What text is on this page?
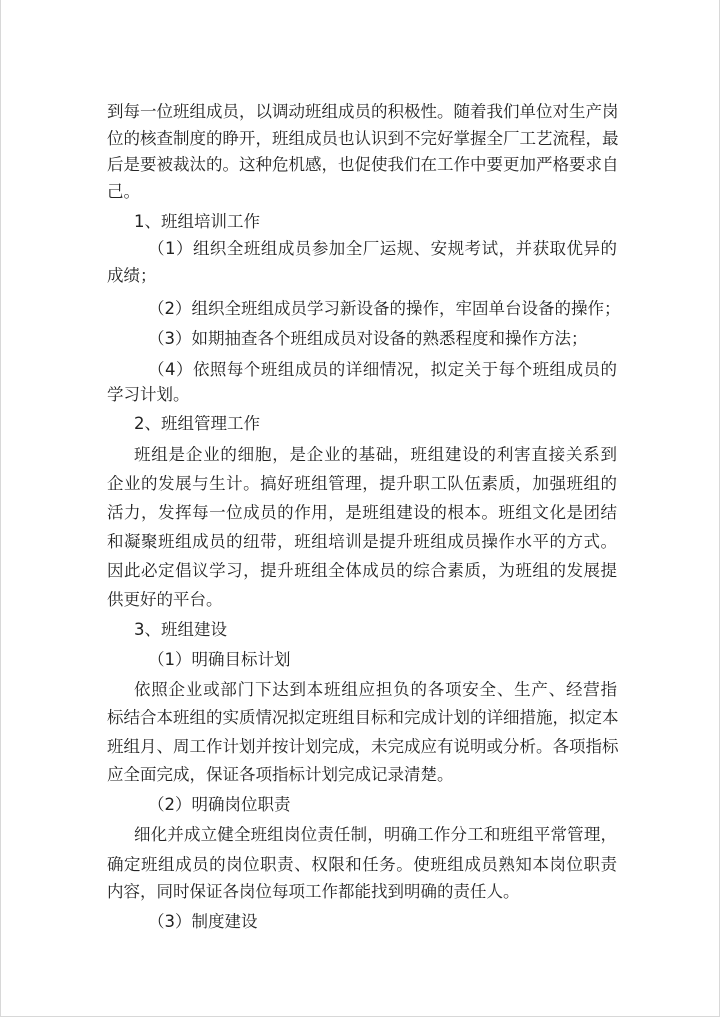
到每一位班组成员，以调动班组成员的积极性。随着我们单位对生产岗
位的核查制度的睁开，班组成员也认识到不完好掌握全厂工艺流程，最
后是要被裁汰的。这种危机感，也促使我们在工作中要更加严格要求自
己。
1、班组培训工作
（1）组织全班组成员参加全厂运规、安规考试，并获取优异的
成绩；
（2）组织全班组成员学习新设备的操作，牢固单台设备的操作；
（3）如期抽查各个班组成员对设备的熟悉程度和操作方法；
（4）依照每个班组成员的详细情况，拟定关于每个班组成员的
学习计划。
2、班组管理工作
班组是企业的细胞，是企业的基础，班组建设的利害直接关系到
企业的发展与生计。搞好班组管理，提升职工队伍素质，加强班组的
活力，发挥每一位成员的作用，是班组建设的根本。班组文化是团结
和凝聚班组成员的纽带，班组培训是提升班组成员操作水平的方式。
因此必定倡议学习，提升班组全体成员的综合素质，为班组的发展提
供更好的平台。
3、班组建设
（1）明确目标计划
依照企业或部门下达到本班组应担负的各项安全、生产、经营指
标结合本班组的实质情况拟定班组目标和完成计划的详细措施，拟定本
班组月、周工作计划并按计划完成，未完成应有说明或分析。各项指标
应全面完成，保证各项指标计划完成记录清楚。
（2）明确岗位职责
细化并成立健全班组岗位责任制，明确工作分工和班组平常管理，
确定班组成员的岗位职责、权限和任务。使班组成员熟知本岗位职责
内容，同时保证各岗位每项工作都能找到明确的责任人。
（3）制度建设
